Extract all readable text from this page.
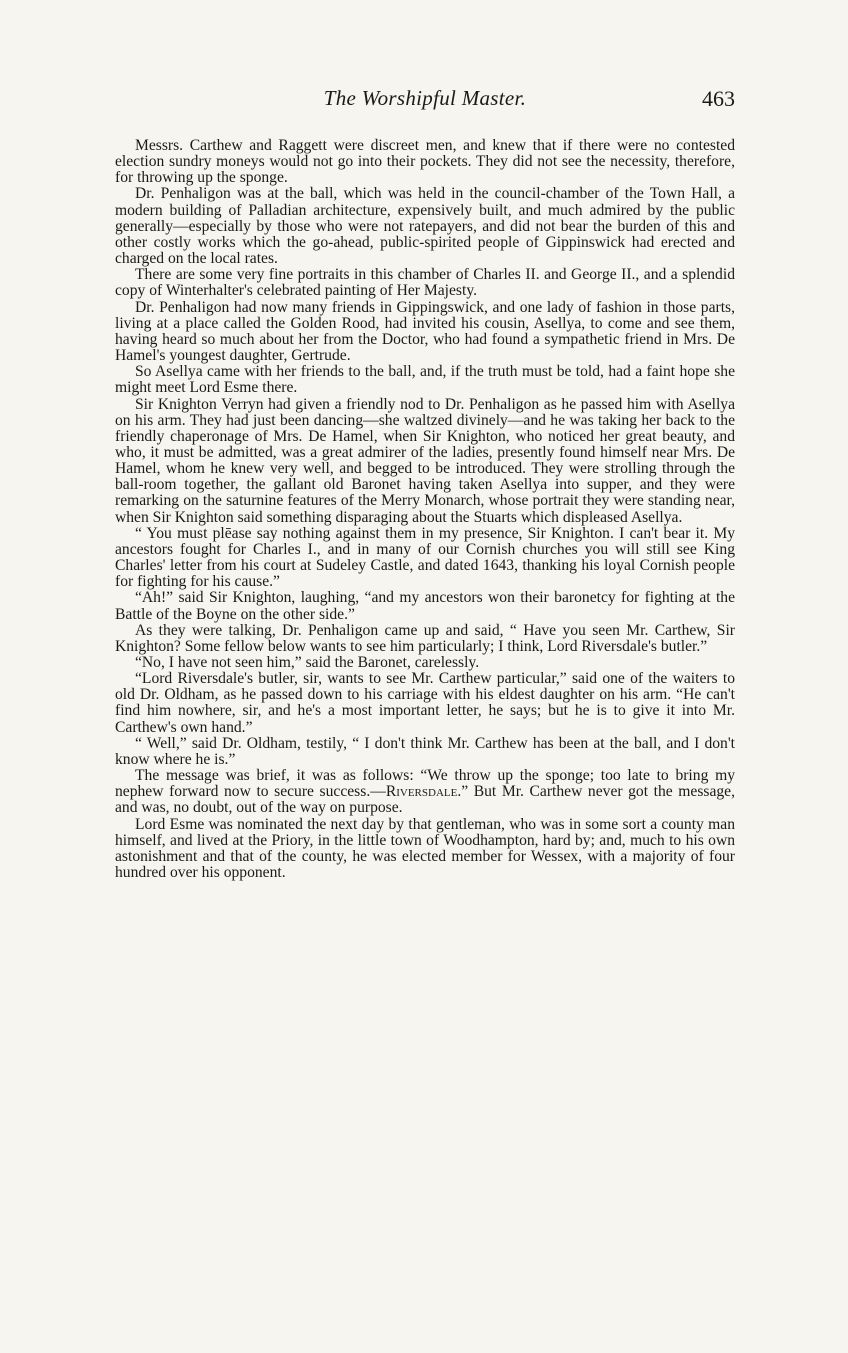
The Worshipful Master.	463

Messrs. Carthew and Raggett were discreet men, and knew that if there were no contested election sundry moneys would not go into their pockets. They did not see the necessity, therefore, for throwing up the sponge.

Dr. Penhaligon was at the ball, which was held in the council-chamber of the Town Hall, a modern building of Palladian architecture, expensively built, and much admired by the public generally—especially by those who were not ratepayers, and did not bear the burden of this and other costly works which the go-ahead, public-spirited people of Gippinswick had erected and charged on the local rates.

There are some very fine portraits in this chamber of Charles II. and George II., and a splendid copy of Winterhalter's celebrated painting of Her Majesty.

Dr. Penhaligon had now many friends in Gippingswick, and one lady of fashion in those parts, living at a place called the Golden Rood, had invited his cousin, Asellya, to come and see them, having heard so much about her from the Doctor, who had found a sympathetic friend in Mrs. De Hamel's youngest daughter, Gertrude.

So Asellya came with her friends to the ball, and, if the truth must be told, had a faint hope she might meet Lord Esme there.

Sir Knighton Verryn had given a friendly nod to Dr. Penhaligon as he passed him with Asellya on his arm. They had just been dancing—she waltzed divinely—and he was taking her back to the friendly chaperonage of Mrs. De Hamel, when Sir Knighton, who noticed her great beauty, and who, it must be admitted, was a great admirer of the ladies, presently found himself near Mrs. De Hamel, whom he knew very well, and begged to be introduced. They were strolling through the ball-room together, the gallant old Baronet having taken Asellya into supper, and they were remarking on the saturnine features of the Merry Monarch, whose portrait they were standing near, when Sir Knighton said something disparaging about the Stuarts which displeased Asellya.

“ You must plēase say nothing against them in my presence, Sir Knighton. I can't bear it. My ancestors fought for Charles I., and in many of our Cornish churches you will still see King Charles' letter from his court at Sudeley Castle, and dated 1643, thanking his loyal Cornish people for fighting for his cause.”

“Ah!” said Sir Knighton, laughing, “and my ancestors won their baronetcy for fighting at the Battle of the Boyne on the other side.”

As they were talking, Dr. Penhaligon came up and said, “ Have you seen Mr. Carthew, Sir Knighton? Some fellow below wants to see him particularly; I think, Lord Riversdale's butler.”

“No, I have not seen him,” said the Baronet, carelessly.

“Lord Riversdale's butler, sir, wants to see Mr. Carthew particular,” said one of the waiters to old Dr. Oldham, as he passed down to his carriage with his eldest daughter on his arm. “He can't find him nowhere, sir, and he's a most important letter, he says; but he is to give it into Mr. Carthew's own hand.”

“ Well,” said Dr. Oldham, testily, “ I don't think Mr. Carthew has been at the ball, and I don't know where he is.”

The message was brief, it was as follows: “We throw up the sponge; too late to bring my nephew forward now to secure success.—Riversdale.” But Mr. Carthew never got the message, and was, no doubt, out of the way on purpose.

Lord Esme was nominated the next day by that gentleman, who was in some sort a county man himself, and lived at the Priory, in the little town of Woodhampton, hard by; and, much to his own astonishment and that of the county, he was elected member for Wessex, with a majority of four hundred over his opponent.
